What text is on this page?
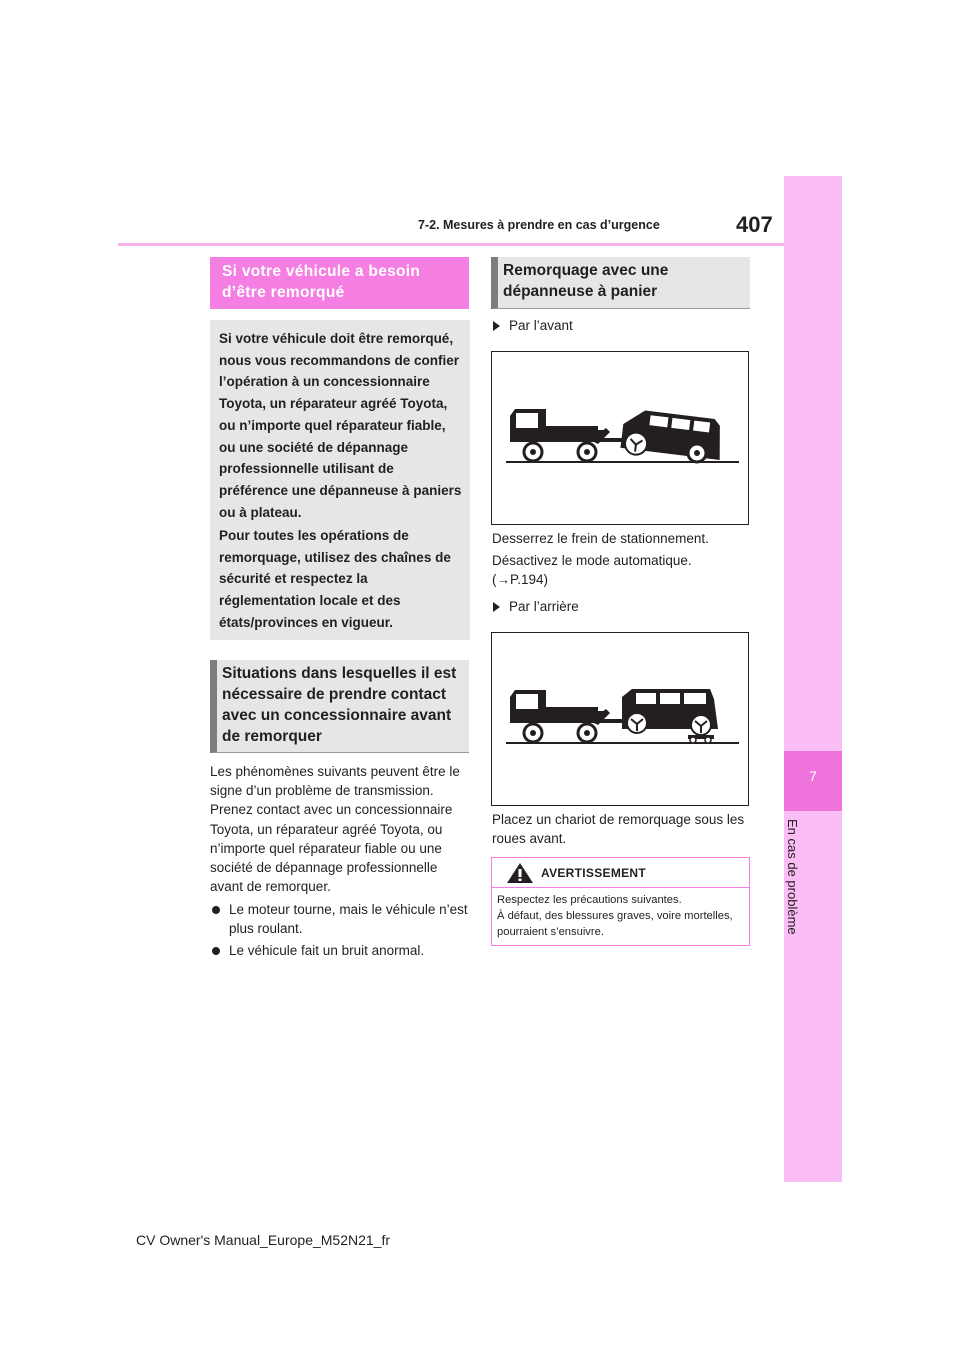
7-2. Mesures à prendre en cas d’urgence	407
7
En cas de problème
Si votre véhicule a besoin d’être remorqué
Si votre véhicule doit être remorqué, nous vous recommandons de confier l’opération à un concessionnaire Toyota, un réparateur agréé Toyota, ou n’importe quel réparateur fiable, ou une société de dépannage professionnelle utilisant de préférence une dépanneuse à paniers ou à plateau.
Pour toutes les opérations de remorquage, utilisez des chaînes de sécurité et respectez la réglementation locale et des états/provinces en vigueur.
Situations dans lesquelles il est nécessaire de prendre contact avec un concessionnaire avant de remorquer
Les phénomènes suivants peuvent être le signe d’un problème de transmission. Prenez contact avec un concessionnaire Toyota, un réparateur agréé Toyota, ou n’importe quel réparateur fiable ou une société de dépannage professionnelle avant de remorquer.
Le moteur tourne, mais le véhicule n’est plus roulant.
Le véhicule fait un bruit anormal.
Remorquage avec une dépanneuse à panier
Par l’avant
Desserrez le frein de stationnement.
Désactivez le mode automatique. (→P.194)
Par l’arrière
Placez un chariot de remorquage sous les roues avant.
AVERTISSEMENT
Respectez les précautions suivantes.
À défaut, des blessures graves, voire mortelles, pourraient s’ensuivre.
CV Owner's Manual_Europe_M52N21_fr
